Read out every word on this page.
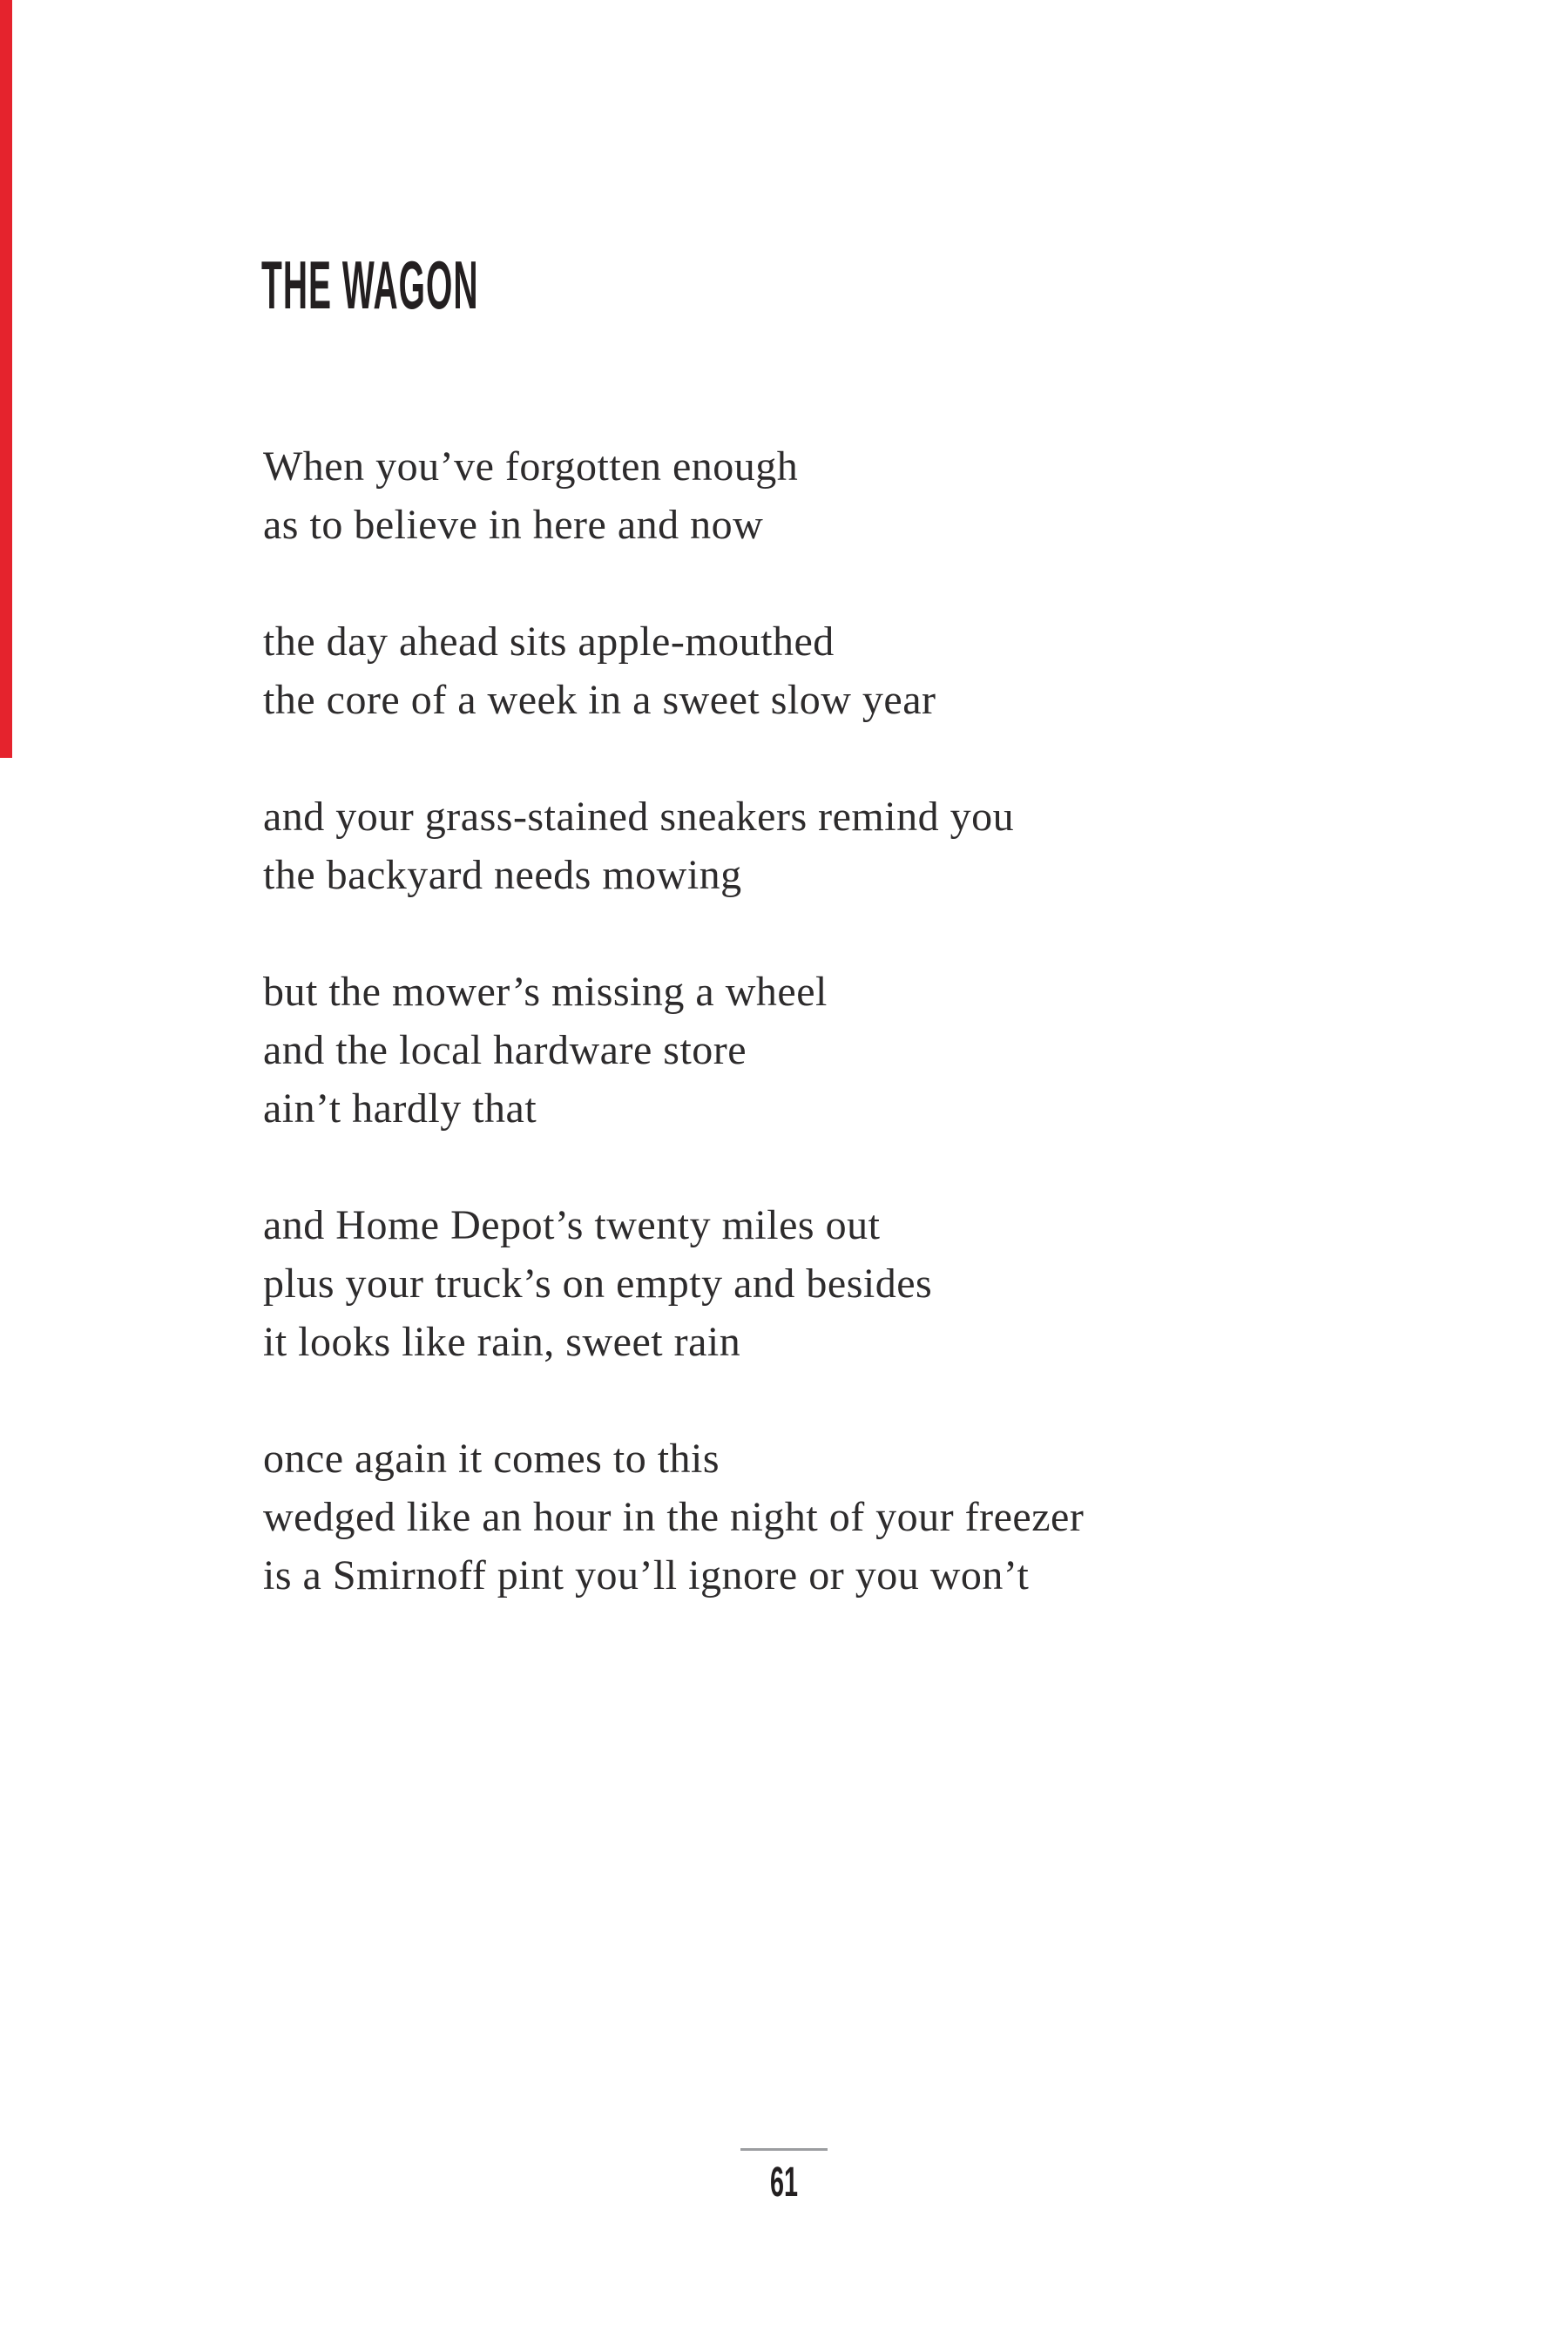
THE WAGON
When you’ve forgotten enough
as to believe in here and now
the day ahead sits apple-mouthed
the core of a week in a sweet slow year
and your grass-stained sneakers remind you
the backyard needs mowing
but the mower’s missing a wheel
and the local hardware store
ain’t hardly that
and Home Depot’s twenty miles out
plus your truck’s on empty and besides
it looks like rain, sweet rain
once again it comes to this
wedged like an hour in the night of your freezer
is a Smirnoff pint you’ll ignore or you won’t
61
